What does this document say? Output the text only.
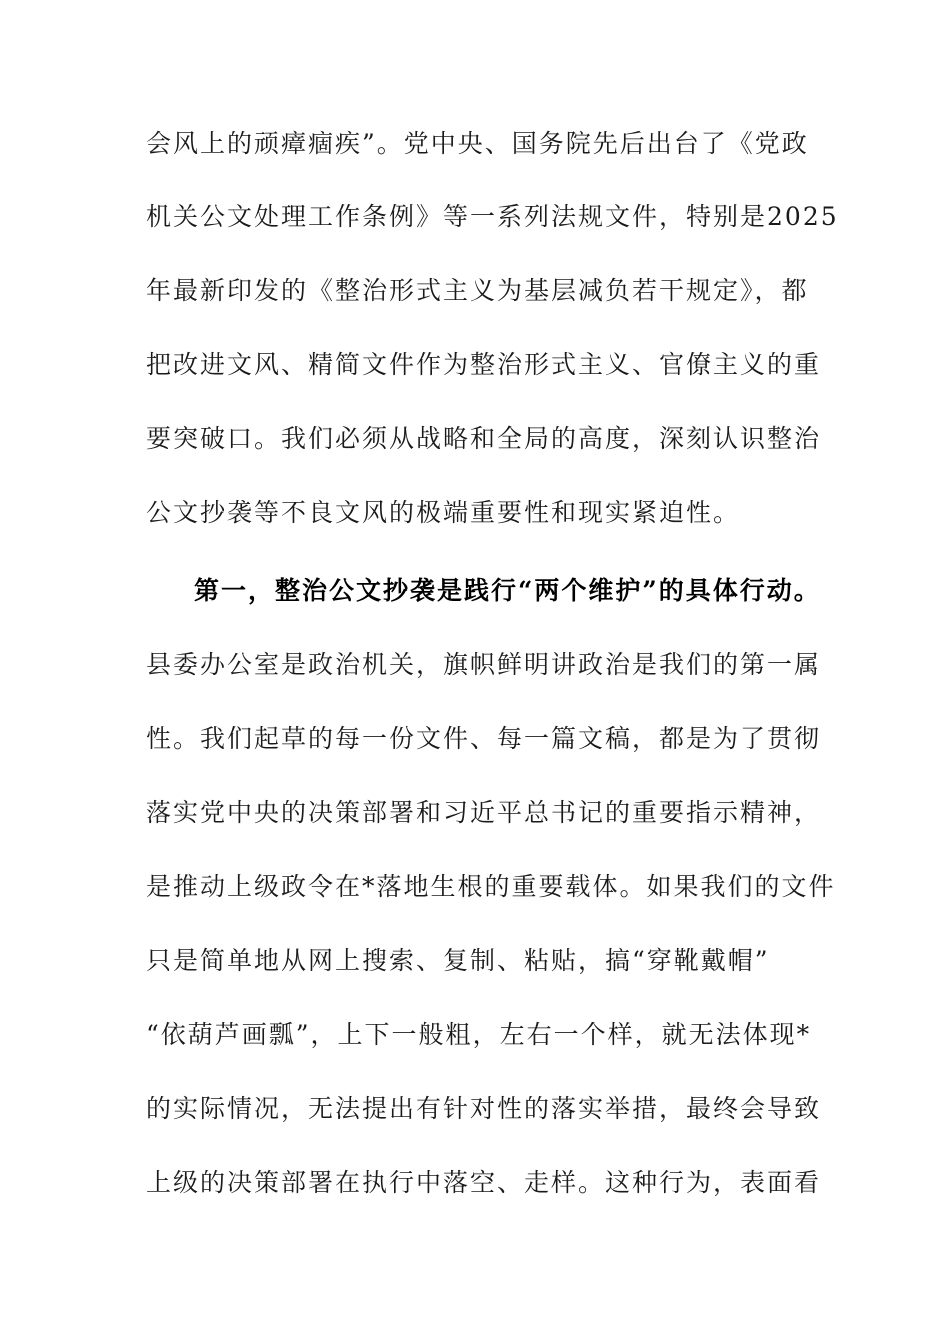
会风上的顽瘴痼疾”。党中央、国务院先后出台了《党政
机关公文处理工作条例》等一系列法规文件，特别是2025
年最新印发的《整治形式主义为基层减负若干规定》，都
把改进文风、精简文件作为整治形式主义、官僚主义的重
要突破口。我们必须从战略和全局的高度，深刻认识整治
公文抄袭等不良文风的极端重要性和现实紧迫性。
第一，整治公文抄袭是践行“两个维护”的具体行动。
县委办公室是政治机关，旗帜鲜明讲政治是我们的第一属
性。我们起草的每一份文件、每一篇文稿，都是为了贯彻
落实党中央的决策部署和习近平总书记的重要指示精神，
是推动上级政令在*落地生根的重要载体。如果我们的文件
只是简单地从网上搜索、复制、粘贴，搞“穿靴戴帽”
“依葫芦画瓢”，上下一般粗，左右一个样，就无法体现*
的实际情况，无法提出有针对性的落实举措，最终会导致
上级的决策部署在执行中落空、走样。这种行为，表面看
